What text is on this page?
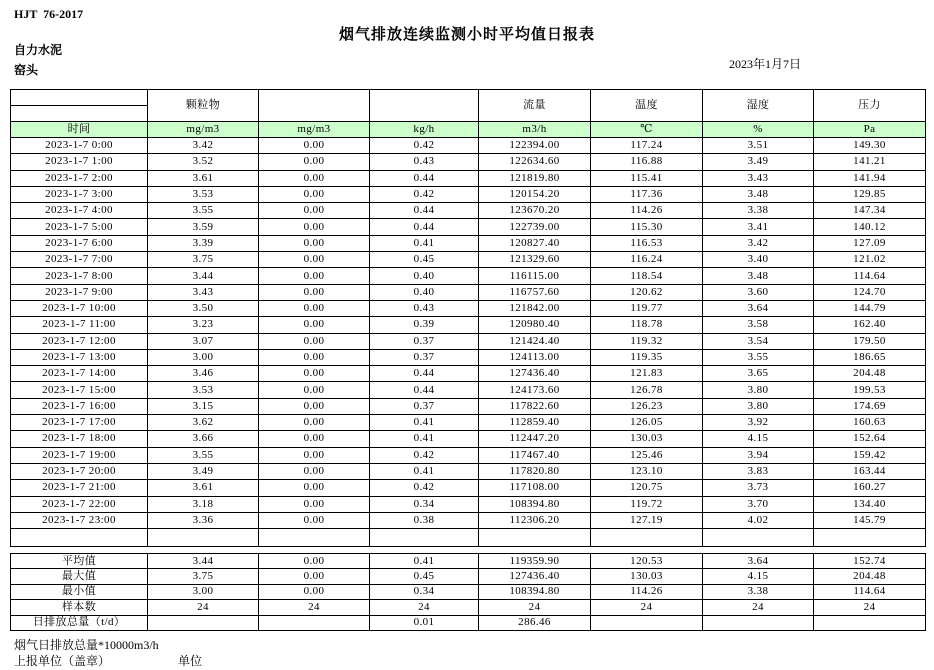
HJT  76-2017
烟气排放连续监测小时平均值日报表
自力水泥
窑头	2023年1月7日
	颗粒物			流量	温度	湿度	压力

时间	mg/m3	mg/m3	kg/h	m3/h	℃	%	Pa
2023-1-7 0:00	3.42	0.00	0.42	122394.00	117.24	3.51	149.30
2023-1-7 1:00	3.52	0.00	0.43	122634.60	116.88	3.49	141.21
2023-1-7 2:00	3.61	0.00	0.44	121819.80	115.41	3.43	141.94
2023-1-7 3:00	3.53	0.00	0.42	120154.20	117.36	3.48	129.85
2023-1-7 4:00	3.55	0.00	0.44	123670.20	114.26	3.38	147.34
2023-1-7 5:00	3.59	0.00	0.44	122739.00	115.30	3.41	140.12
2023-1-7 6:00	3.39	0.00	0.41	120827.40	116.53	3.42	127.09
2023-1-7 7:00	3.75	0.00	0.45	121329.60	116.24	3.40	121.02
2023-1-7 8:00	3.44	0.00	0.40	116115.00	118.54	3.48	114.64
2023-1-7 9:00	3.43	0.00	0.40	116757.60	120.62	3.60	124.70
2023-1-7 10:00	3.50	0.00	0.43	121842.00	119.77	3.64	144.79
2023-1-7 11:00	3.23	0.00	0.39	120980.40	118.78	3.58	162.40
2023-1-7 12:00	3.07	0.00	0.37	121424.40	119.32	3.54	179.50
2023-1-7 13:00	3.00	0.00	0.37	124113.00	119.35	3.55	186.65
2023-1-7 14:00	3.46	0.00	0.44	127436.40	121.83	3.65	204.48
2023-1-7 15:00	3.53	0.00	0.44	124173.60	126.78	3.80	199.53
2023-1-7 16:00	3.15	0.00	0.37	117822.60	126.23	3.80	174.69
2023-1-7 17:00	3.62	0.00	0.41	112859.40	126.05	3.92	160.63
2023-1-7 18:00	3.66	0.00	0.41	112447.20	130.03	4.15	152.64
2023-1-7 19:00	3.55	0.00	0.42	117467.40	125.46	3.94	159.42
2023-1-7 20:00	3.49	0.00	0.41	117820.80	123.10	3.83	163.44
2023-1-7 21:00	3.61	0.00	0.42	117108.00	120.75	3.73	160.27
2023-1-7 22:00	3.18	0.00	0.34	108394.80	119.72	3.70	134.40
2023-1-7 23:00	3.36	0.00	0.38	112306.20	127.19	4.02	145.79

平均值	3.44	0.00	0.41	119359.90	120.53	3.64	152.74
最大值	3.75	0.00	0.45	127436.40	130.03	4.15	204.48
最小值	3.00	0.00	0.34	108394.80	114.26	3.38	114.64
样本数	24	24	24	24	24	24	24
日排放总量（t/d）			0.01	286.46			
烟气日排放总量*10000m3/h
上报单位（盖章）	单位
